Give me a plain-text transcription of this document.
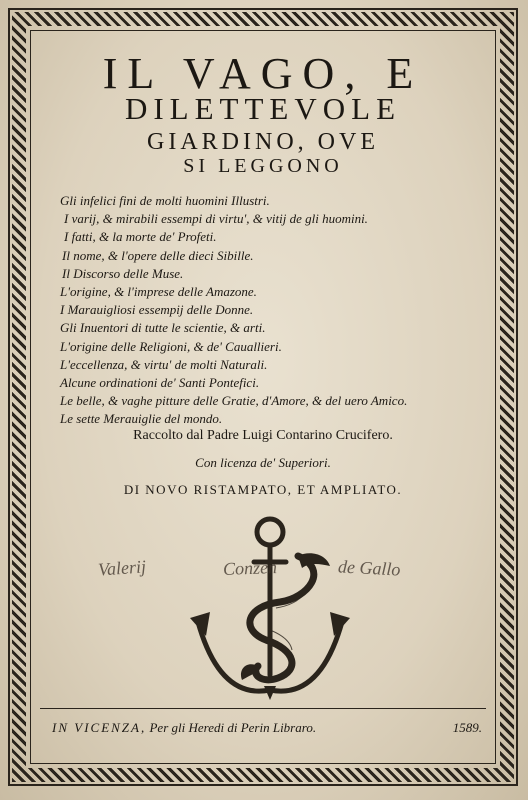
IL VAGO, E
DILETTEVOLE
GIARDINO, OVE
SI LEGGONO
Gli infelici fini de molti huomini Illustri.
I varij, & mirabili essempi di virtu', & vitij de gli huomini.
I fatti, & la morte de' Profeti.
Il nome, & l'opere delle dieci Sibille.
Il Discorso delle Muse.
L'origine, & l'imprese delle Amazone.
I Marauigliosi essempij delle Donne.
Gli Inuentori di tutte le scientie, & arti.
L'origine delle Religioni, & de' Cauallieri.
L'eccellenza, & virtu' de molti Naturali.
Alcune ordinationi de' Santi Pontefici.
Le belle, & vaghe pitture delle Gratie, d'Amore, & del uero Amico.
Le sette Merauiglie del mondo.
Raccolto dal Padre Luigi Contarino Crucifero.
Con licenza de' Superiori.
DI NOVO RISTAMPATO, ET AMPLIATO.
Valerij	Conzen	de Gallo
IN VICENZA, Per gli Heredi di Perin Libraro.	1589.
